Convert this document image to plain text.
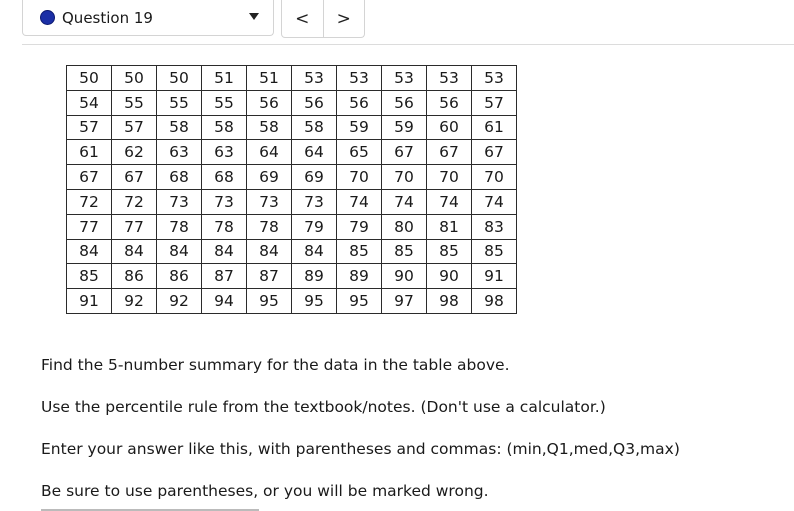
Question 19	<	>
50	50	50	51	51	53	53	53	53	53
54	55	55	55	56	56	56	56	56	57
57	57	58	58	58	58	59	59	60	61
61	62	63	63	64	64	65	67	67	67
67	67	68	68	69	69	70	70	70	70
72	72	73	73	73	73	74	74	74	74
77	77	78	78	78	79	79	80	81	83
84	84	84	84	84	84	85	85	85	85
85	86	86	87	87	89	89	90	90	91
91	92	92	94	95	95	95	97	98	98
Find the 5-number summary for the data in the table above.
Use the percentile rule from the textbook/notes. (Don't use a calculator.)
Enter your answer like this, with parentheses and commas: (min,Q1,med,Q3,max)
Be sure to use parentheses, or you will be marked wrong.
